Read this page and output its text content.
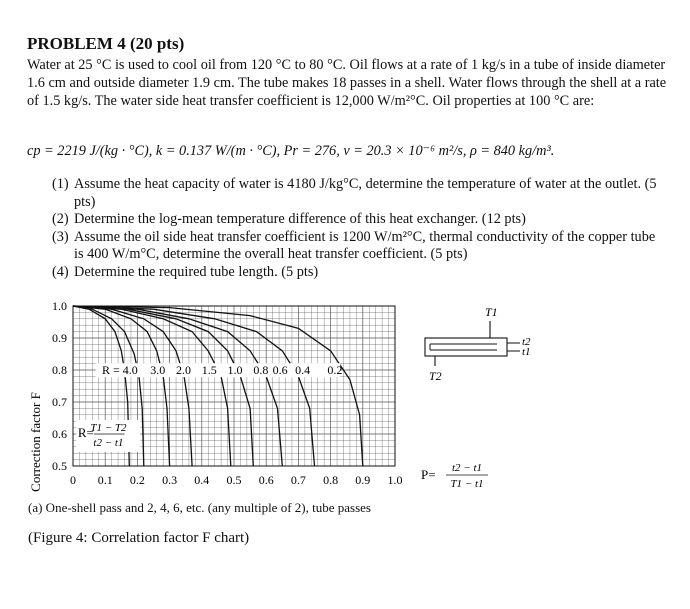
PROBLEM 4 (20 pts)
Water at 25 °C is used to cool oil from 120 °C to 80 °C. Oil flows at a rate of 1 kg/s in a tube of inside diameter 1.6 cm and outside diameter 1.9 cm. The tube makes 18 passes in a shell. Water flows through the shell at a rate of 1.5 kg/s. The water side heat transfer coefficient is 12,000 W/m²°C. Oil properties at 100 °C are:
cp = 2219 J/(kg · °C), k = 0.137 W/(m · °C), Pr = 276, ν = 20.3 × 10⁻⁶ m²/s, ρ = 840 kg/m³.
(1) Assume the heat capacity of water is 4180 J/kg°C, determine the temperature of water at the outlet. (5 pts)
(2) Determine the log-mean temperature difference of this heat exchanger. (12 pts)
(3) Assume the oil side heat transfer coefficient is 1200 W/m²°C, thermal conductivity of the copper tube is 400 W/m°C, determine the overall heat transfer coefficient. (5 pts)
(4) Determine the required tube length. (5 pts)
0 0.1 0.2 0.3 0.4 0.5 0.6 0.7 0.8 0.9 1.0
1.0
0.9
0.8
0.7
0.6
0.5
R = 4.0 3.0 2.0 1.5 1.0 0.8 0.6 0.4 0.2
R=
T1 − T2
t2 − t1
Correction factor F
T1
T2
t2
t1
P= t2 − t1
T1 − t1
(a) One-shell pass and 2, 4, 6, etc. (any multiple of 2), tube passes
(Figure 4: Correlation factor F chart)
